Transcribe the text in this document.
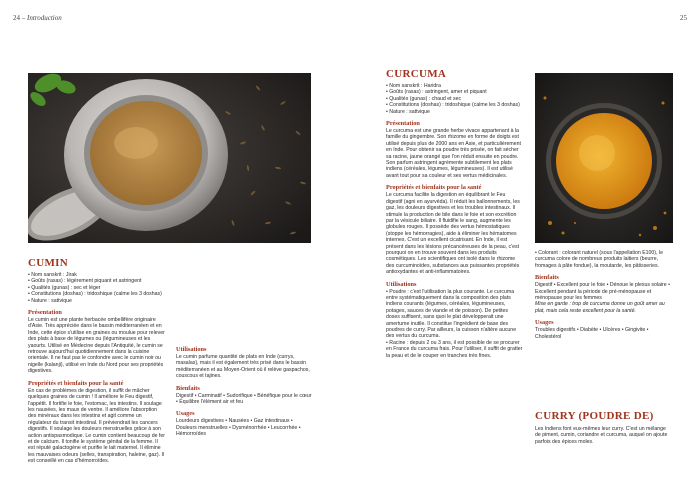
24 – Introduction	25
CUMIN
CURCUMA
CURRY (POUDRE DE)
• Nom sanskrit : Jirak
• Goûts (rasas) : légèrement piquant et astringent
• Qualités (gunas) : sec et léger
• Constitutions (doshas) : tridoshique (calme les 3 doshas)
• Nature : sattvique

Présentation

Le cumin est une plante herbacée ombellifère originaire d'Asie. Très appréciée dans le bassin méditerranéen et en Inde, cette épice s'utilise en graines ou moulue pour relever des plats à base de légumes ou (légumineuses et les yaourts. Utilisé en Médecine depuis l'Antiquité, le cumin se retrouve aujourd'hui quotidiennement dans la cuisine orientale. Il ne faut pas le confondre avec le cumin noir ou nigelle (kalanji), utilisé en Inde du Nord pour ses propriétés digestives.

Propriétés et bienfaits pour la santé

En cas de problèmes de digestion, il suffit de mâcher quelques graines de cumin ! Il améliore le Feu digestif, l'appétit. Il fortifie le foie, l'estomac, les intestins. Il soulage les nausées, les maux de ventre. Il améliore l'absorption des minéraux dans les intestins et agit comme un régulateur du transit intestinal. Il préviendrait les cancers digestifs. Il soulage les douleurs menstruelles grâce à son action antispasmodique. Le cumin contient beaucoup de fer et de calcium. Il tonifie le système génital de la femme. Il est réputé galactogène et purifie le lait maternel. Il élimine les mauvaises odeurs (selles, transpiration, haleine, gaz). Il est conseillé en cas d'hémorroïdes.

Utilisations

Le cumin parfume quantité de plats en Inde (currys, masalas), mais il est également très prisé dans le bassin méditerranéen et au Moyen-Orient où il relève gaspachos, couscous et tajines.

Bienfaits

Digestif • Carminatif • Sudorifique • Bénéfique pour le cœur • Équilibre l'élément air et feu

Usages

Lourdeurs digestives • Nausées • Gaz intestinaux • Douleurs menstruelles • Dysménorrhée • Leucorrhée • Hémorroïdes

• Nom sanskrit : Haridra
• Goûts (rasas) : astringent, amer et piquant
• Qualités (gunas) : chaud et sec
• Constitutions (doshas) : tridoshique (calme les 3 doshas)
• Nature : sattvique

Présentation

Le curcuma est une grande herbe vivace appartenant à la famille du gingembre. Son rhizome en forme de doigts est utilisé depuis plus de 2000 ans en Asie, et particulièrement en Inde. Pour obtenir sa poudre très prisée, on fait sécher sa racine, jaune orangé que l'on réduit ensuite en poudre. Son parfum astringent agrémente subtilement les plats indiens (céréales, légumes, légumineuses). Il est utilisé avant tout pour sa couleur et ses vertus médicinales.

Propriétés et bienfaits pour la santé

Le curcuma facilite la digestion en équilibrant le Feu digestif (agni en ayurvéda). Il réduit les ballonnements, les gaz, les douleurs digestives et les troubles intestinaux. Il stimule la production de bile dans le foie et son excrétion par la vésicule biliaire. Il fluidifie le sang, augmente les globules rouges. Il possède des vertus hémostatiques (stoppe les hémorragies), aide à éliminer les hématomes internes. C'est un excellent cicatrisant. En Inde, il est présent dans les lésions précancéreuses de la peau, c'est pourquoi on en trouve souvent dans les produits cosmétiques. Les scientifiques ont isolé dans le rhizome des curcuminoïdes, substances aux puissantes propriétés antioxydantes et anti-inflammatoires.

Utilisations

• Poudre : c'est l'utilisation la plus courante. Le curcuma entre systématiquement dans la composition des plats indiens courants (légumes, céréales, légumineuses, potages, sauces de viande et de poisson). De petites doses suffisent, sans quoi le plat développerait une amertume inutile. Il constitue l'ingrédient de base des poudres de curry. Par ailleurs, la cuisson n'altère aucune des vertus du curcuma.

• Racine : depuis 2 ou 3 ans, il est possible de se procurer en France du curcuma frais. Pour l'utiliser, il suffit de gratter la peau et de le couper en tranches très fines.

• Colorant : colorant naturel (sous l'appellation E100), le curcuma colore de nombreux produits laitiers (beurre, fromages à pâte fondue), la moutarde, les pâtisseries.

Bienfaits

Digestif • Excellent pour le foie • Dénoue le plexus solaire • Excellent pendant la période de pré-ménopause et ménopause pour les femmes

Mise en garde : trop de curcuma donne un goût amer au plat, mais cela reste excellent pour la santé.

Usages

Troubles digestifs • Diabète • Ulcères • Gingivite • Cholestérol

Les Indiens font eux-mêmes leur curry. C'est un mélange de piment, cumin, coriandre et curcuma, auquel on ajoute parfois des épices moles.
